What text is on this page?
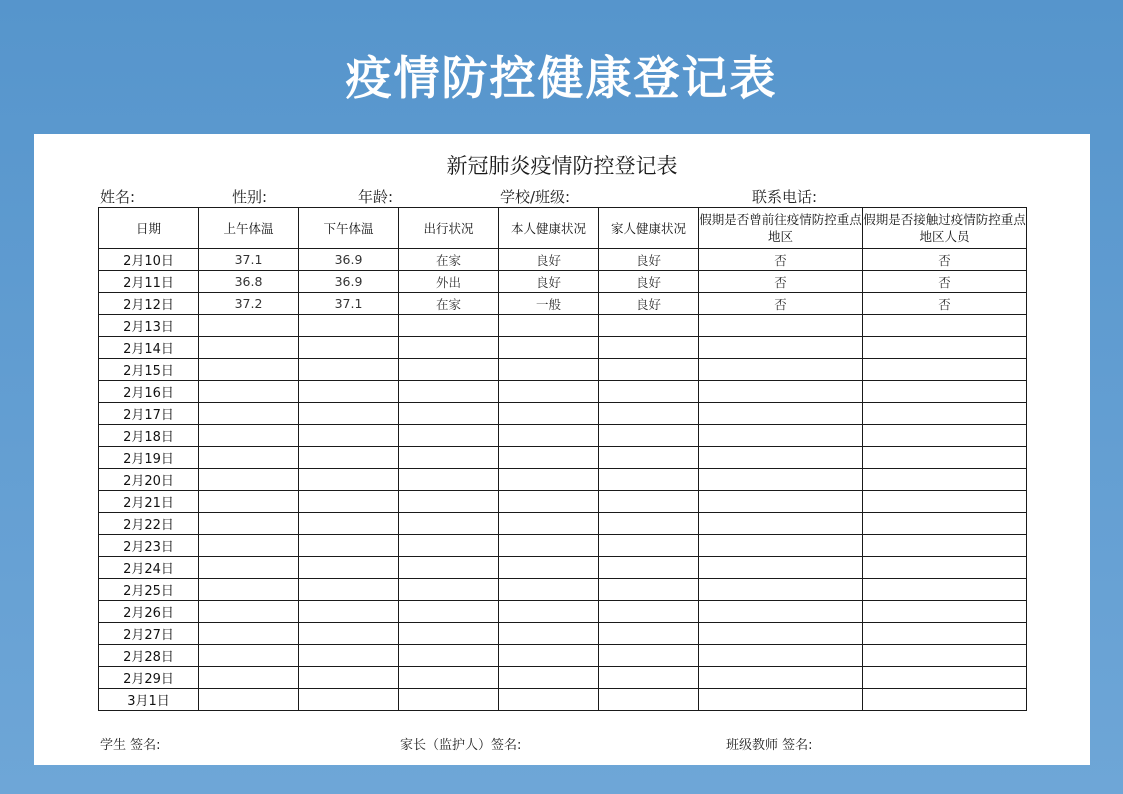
疫情防控健康登记表
新冠肺炎疫情防控登记表
姓名:	性别:	年龄:	学校/班级:	联系电话:
日期	上午体温	下午体温	出行状况	本人健康状况	家人健康状况	假期是否曾前往疫情防控重点地区	假期是否接触过疫情防控重点地区人员
2月10日	37.1	36.9	在家	良好	良好	否	否
2月11日	36.8	36.9	外出	良好	良好	否	否
2月12日	37.2	37.1	在家	一般	良好	否	否
2月13日							
2月14日							
2月15日							
2月16日							
2月17日							
2月18日							
2月19日							
2月20日							
2月21日							
2月22日							
2月23日							
2月24日							
2月25日							
2月26日							
2月27日							
2月28日							
2月29日							
3月1日							
学生 签名:	家长（监护人）签名:	班级教师 签名:
